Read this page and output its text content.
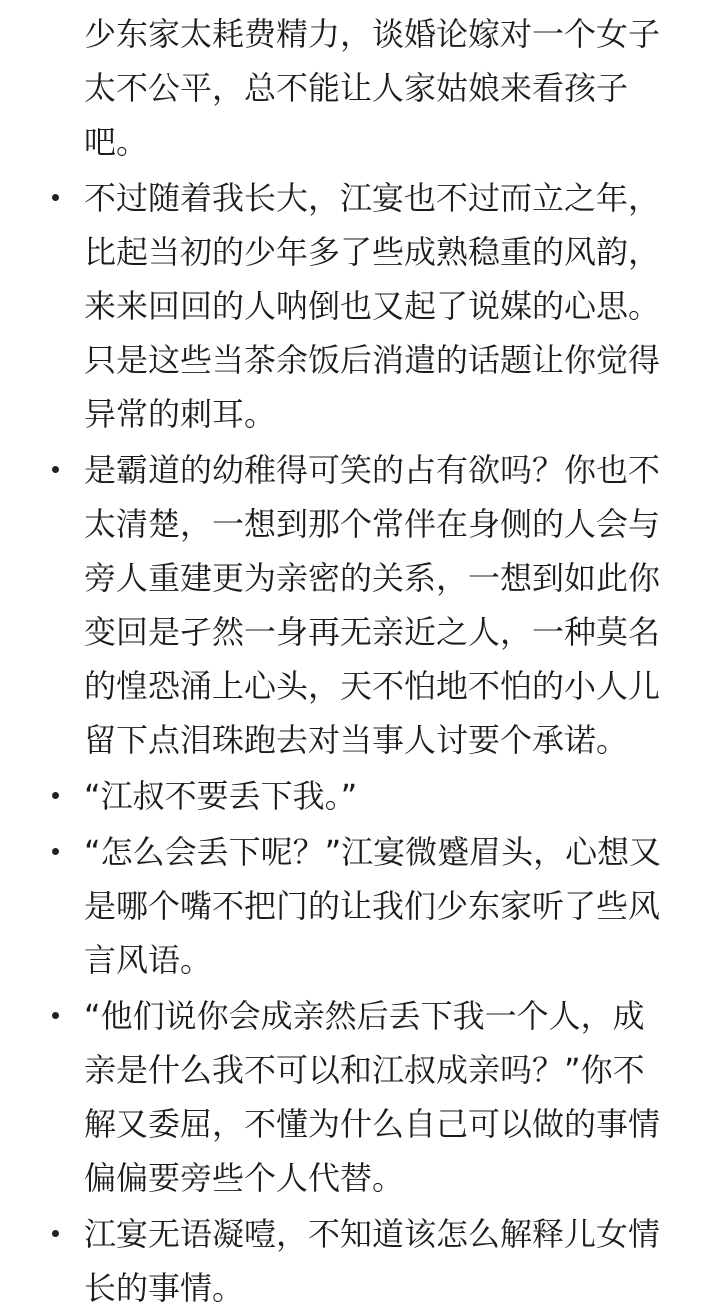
少东家太耗费精力，谈婚论嫁对一个女子太不公平，总不能让人家姑娘来看孩子吧。

不过随着我长大，江宴也不过而立之年，比起当初的少年多了些成熟稳重的风韵，来来回回的人呐倒也又起了说媒的心思。只是这些当茶余饭后消遣的话题让你觉得异常的刺耳。
是霸道的幼稚得可笑的占有欲吗？你也不太清楚，一想到那个常伴在身侧的人会与旁人重建更为亲密的关系，一想到如此你变回是孑然一身再无亲近之人，一种莫名的惶恐涌上心头，天不怕地不怕的小人儿留下点泪珠跑去对当事人讨要个承诺。
“江叔不要丢下我。”
“怎么会丢下呢？”江宴微蹙眉头，心想又是哪个嘴不把门的让我们少东家听了些风言风语。
“他们说你会成亲然后丢下我一个人，成亲是什么我不可以和江叔成亲吗？”你不解又委屈，不懂为什么自己可以做的事情偏偏要旁些个人代替。
江宴无语凝噎，不知道该怎么解释儿女情长的事情。
